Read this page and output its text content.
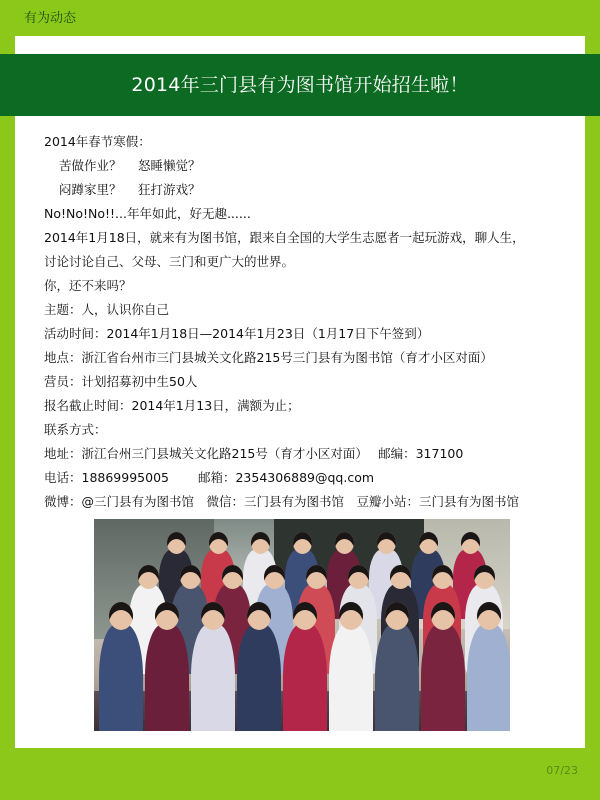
有为动态
2014年三门县有为图书馆开始招生啦！
2014年春节寒假：
苦做作业？　 怒睡懒觉？
闷蹲家里？　 狂打游戏？
No!No!No!!...年年如此，好无趣......
2014年1月18日，就来有为图书馆，跟来自全国的大学生志愿者一起玩游戏，聊人生，
讨论讨论自己、父母、三门和更广大的世界。
你，还不来吗？
主题：人，认识你自己
活动时间：2014年1月18日—2014年1月23日（1月17日下午签到）
地点：浙江省台州市三门县城关文化路215号三门县有为图书馆（育才小区对面）
营员：计划招募初中生50人
报名截止时间：2014年1月13日，满额为止；
联系方式：
地址：浙江台州三门县城关文化路215号（育才小区对面）　 邮编：317100
电话：18869995005　　 邮箱：2354306889@qq.com
微博：@三门县有为图书馆　微信：三门县有为图书馆　豆瓣小站：三门县有为图书馆
07/23
